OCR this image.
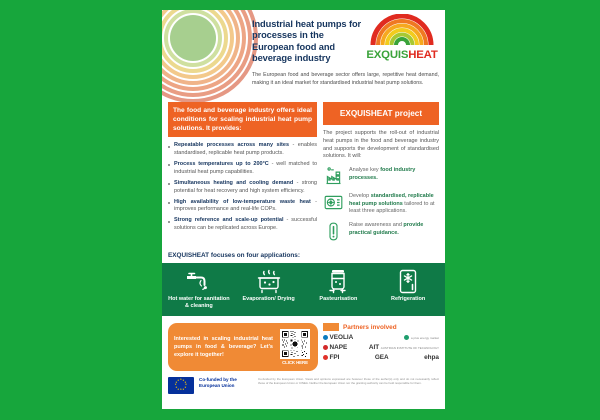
Industrial heat pumps for processes in the European food and beverage industry	EXQUISHEAT
The European food and beverage sector offers large, repetitive heat demand, making it an ideal market for standardised industrial heat pump solutions.
The food and beverage industry offers ideal conditions for scaling industrial heat pump solutions. It provides:
Repeatable processes across many sites - enables standardised, replicable heat pump products.
Process temperatures up to 200°C - well matched to industrial heat pump capabilities.
Simultaneous heating and cooling demand - strong potential for heat recovery and high system efficiency.
High availability of low-temperature waste heat - improves performance and real-life COPs.
Strong reference and scale-up potential - successful solutions can be replicated across Europe.
EXQUISHEAT project
The project supports the roll-out of industrial heat pumps in the food and beverage industry and supports the development of standardised solutions. It will:
Analyse key food industry processes.
Develop standardised, replicable heat pump solutions tailored to at least three applications.
Raise awareness and provide practical guidance.
EXQUISHEAT focuses on four applications:
Hot water for sanitation & cleaning
Evaporation/ Drying	Pasteurisation	Refrigeration
Interested in scaling industrial heat pumps in food & beverage? Let's explore it together!
CLICK HERE
Partners involved
VEOLIA	a plus energy market
NAPE	AIT AUSTRIAN INSTITUTE OF TECHNOLOGY
FPI	GEA	ehpa
★ ★
★
★
★
★
★
★
★
★
★
★	Co-funded by the European Union
Co-funded by the European Union. Views and opinions expressed are however those of the author(s) only and do not necessarily reflect those of the European Union or CINEA. Neither the European Union nor the granting authority can be held responsible for them.
